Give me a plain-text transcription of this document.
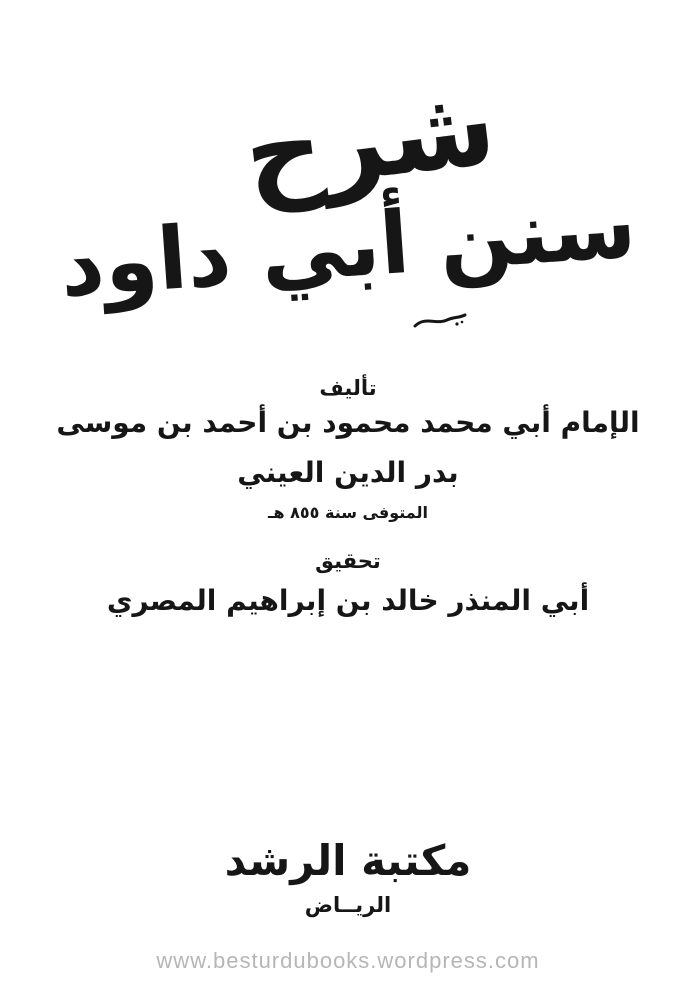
شرح
سنن أبي داود
تأليف
الإمام أبي محمد محمود بن أحمد بن موسى
بدر الدين العيني
المتوفى سنة ٨٥٥ هـ
تحقيق
أبي المنذر خالد بن إبراهيم المصري
مكتبة الرشد
الريــاض
www.besturdubooks.wordpress.com
